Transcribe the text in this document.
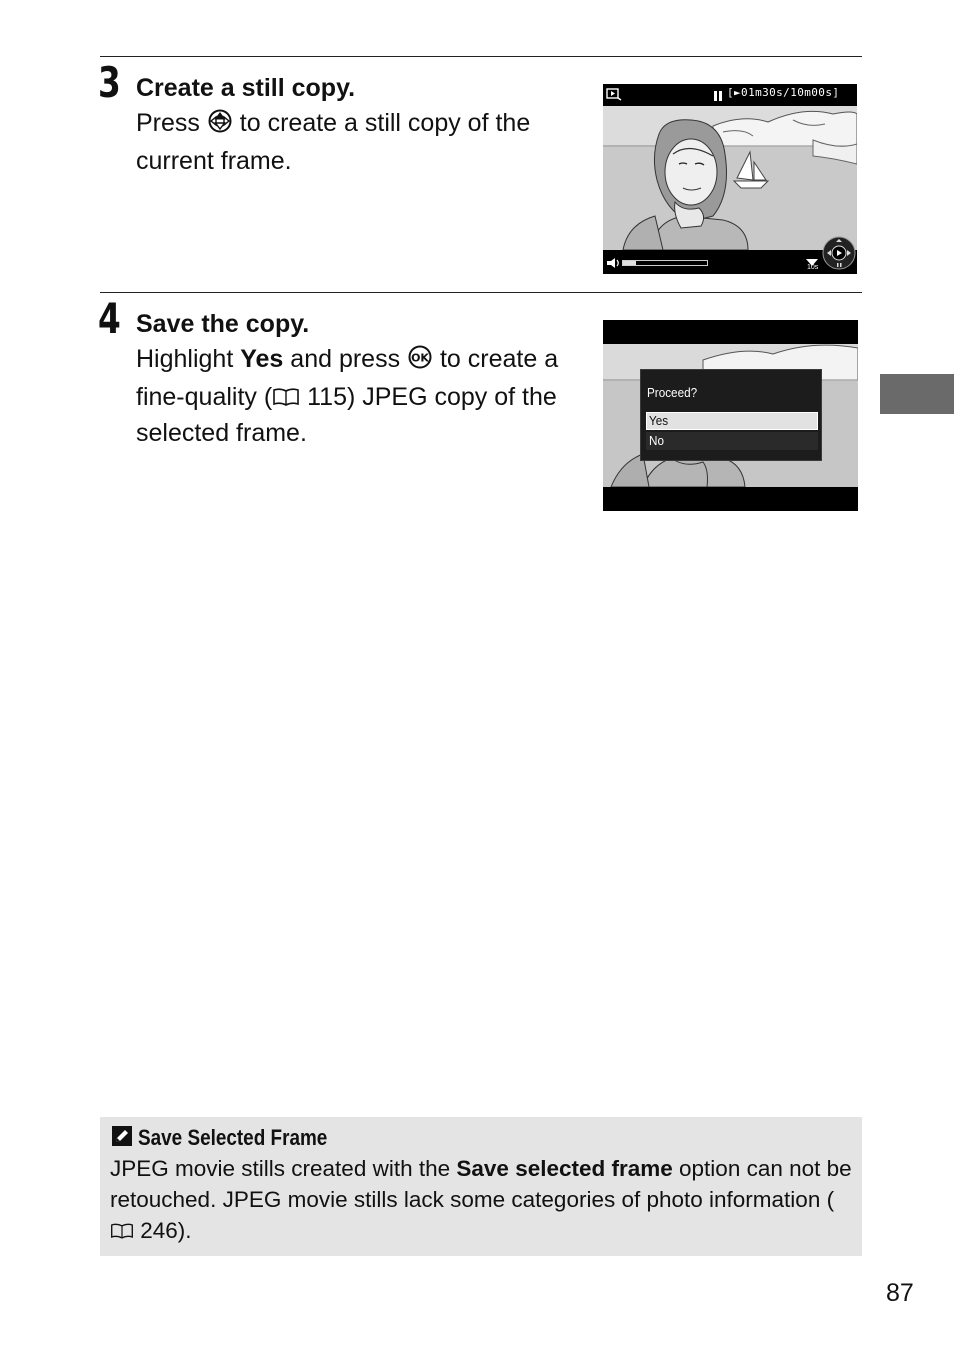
3 Create a still copy.
Press  to create a still copy of the current frame.
[►01m30s/10m00s]
10s
4 Save the copy.
Highlight Yes and press OK to create a fine-quality ( 115) JPEG copy of the selected frame.
Proceed?
Yes
No
Save Selected Frame
JPEG movie stills created with the Save selected frame option can not be retouched. JPEG movie stills lack some categories of photo information ( 246).
87
